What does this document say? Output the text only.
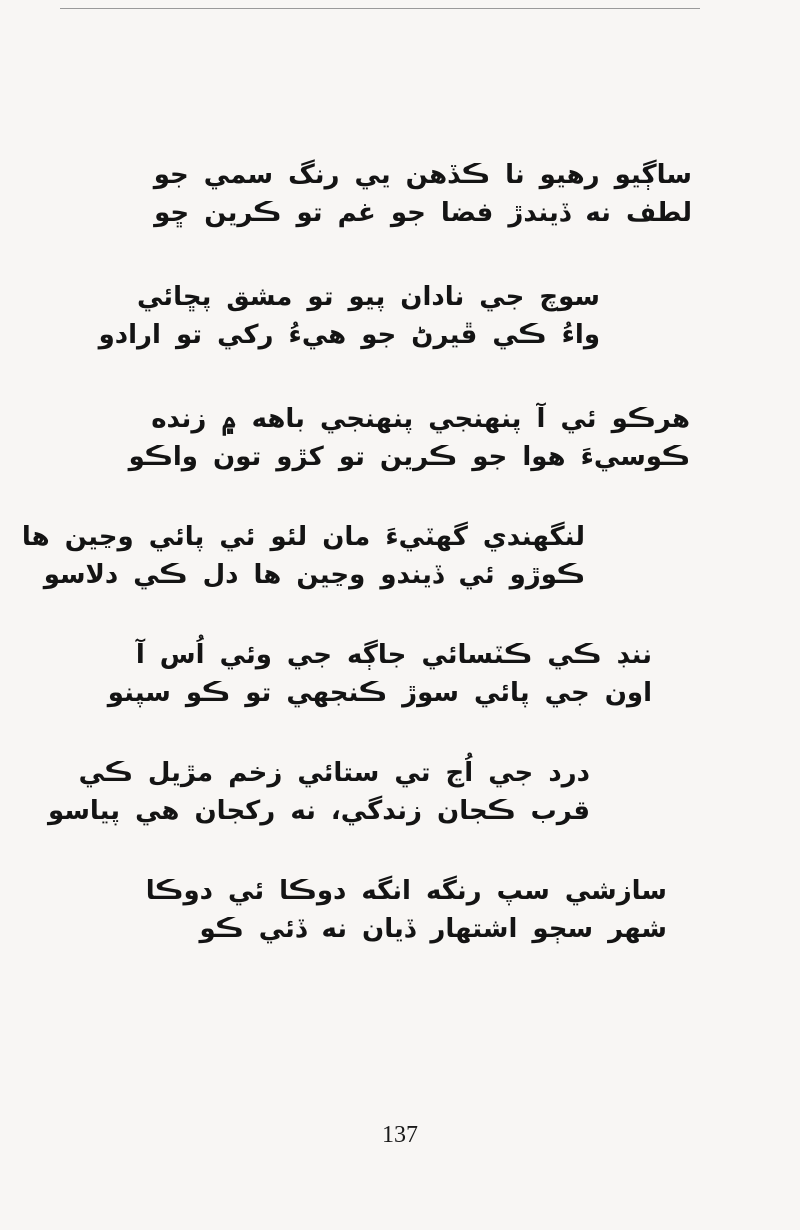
ساڳيو رهيو نا ڪڏهن يي رنگ سمي جو
لطف نه ڏيندڙ فضا جو غم تو ڪرين ڇو
سوچ جي نادان پيو تو مشق پڇائي
واءُ ڪي ڦيرڻ جو هيءُ رکي تو ارادو
هرڪو ئي آ پنهنجي پنهنجي باهه ۾ زنده
ڪوسيءَ هوا جو ڪرين تو کڙو تون واڪو
لنگهندي گهٽيءَ مان لئو ئي پائي وڃين ها
ڪوڙو ئي ڏيندو وڃين ها دل ڪي دلاسو
ننڊ ڪي ڪٽسائي جاڳه جي وئي اُس آ
اون جي پائي سوڙ ڪنجهي تو ڪو سپنو
درد جي اُڃ تي ستائي زخم مڙيل ڪي
قرب ڪجان زندگي، نه رکجان هي پياسو
سازشي سپ رنگه انگه دوڪا ئي دوڪا
شهر سڄو اشتهار ڏيان نه ڏئي ڪو
137
